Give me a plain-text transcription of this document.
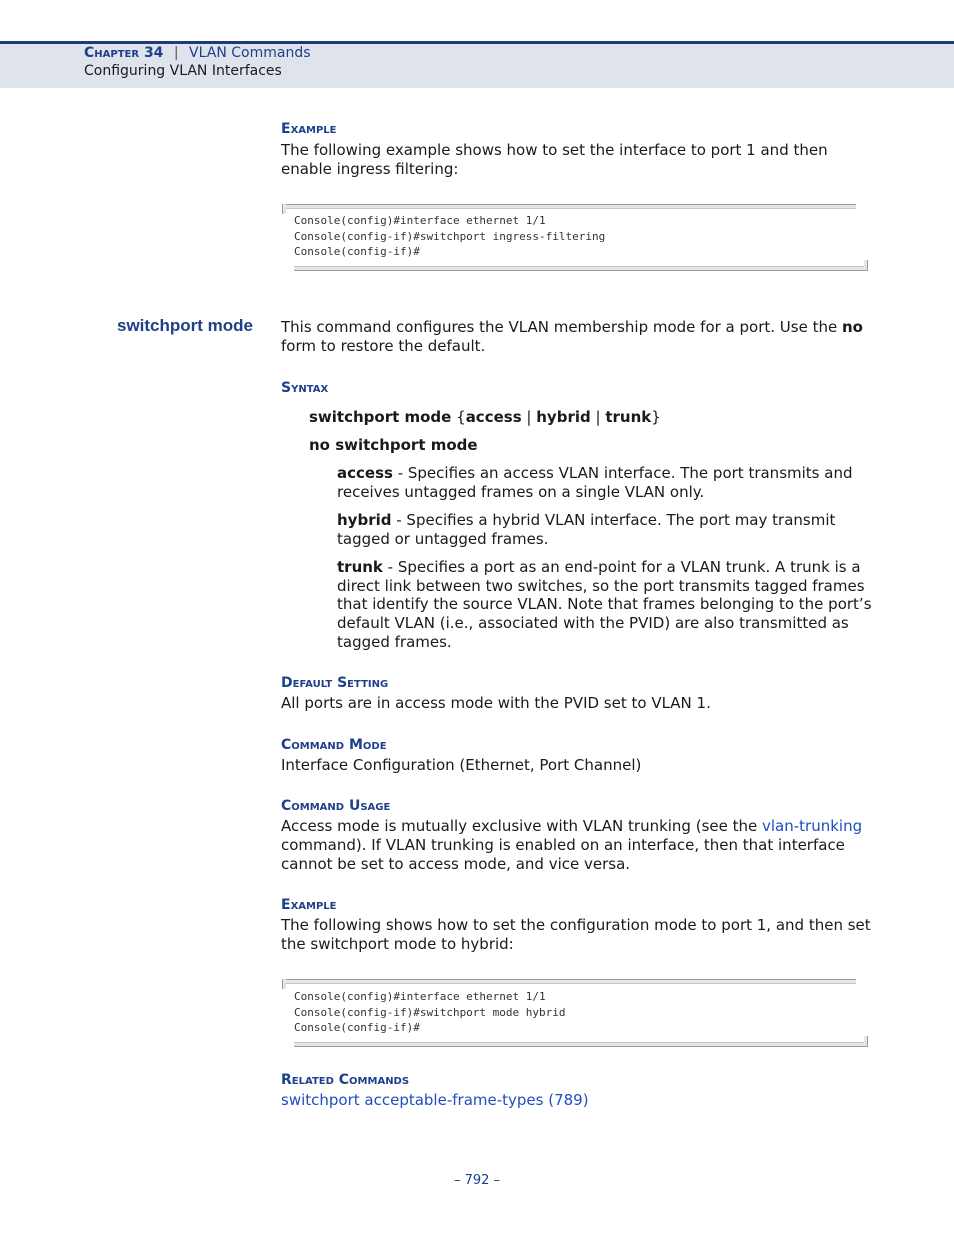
Chapter 34 | VLAN Commands
Configuring VLAN Interfaces
Example
The following example shows how to set the interface to port 1 and then enable ingress filtering:
Console(config)#interface ethernet 1/1
Console(config-if)#switchport ingress-filtering
Console(config-if)#
switchport mode This command configures the VLAN membership mode for a port. Use the no form to restore the default.
Syntax
switchport mode {access | hybrid | trunk}
no switchport mode
access - Specifies an access VLAN interface. The port transmits and receives untagged frames on a single VLAN only.
hybrid - Specifies a hybrid VLAN interface. The port may transmit tagged or untagged frames.
trunk - Specifies a port as an end-point for a VLAN trunk. A trunk is a direct link between two switches, so the port transmits tagged frames that identify the source VLAN. Note that frames belonging to the port’s default VLAN (i.e., associated with the PVID) are also transmitted as tagged frames.
Default Setting
All ports are in access mode with the PVID set to VLAN 1.
Command Mode
Interface Configuration (Ethernet, Port Channel)
Command Usage
Access mode is mutually exclusive with VLAN trunking (see the vlan-trunking command). If VLAN trunking is enabled on an interface, then that interface cannot be set to access mode, and vice versa.
Example
The following shows how to set the configuration mode to port 1, and then set the switchport mode to hybrid:
Console(config)#interface ethernet 1/1
Console(config-if)#switchport mode hybrid
Console(config-if)#
Related Commands
switchport acceptable-frame-types (789)
– 792 –
